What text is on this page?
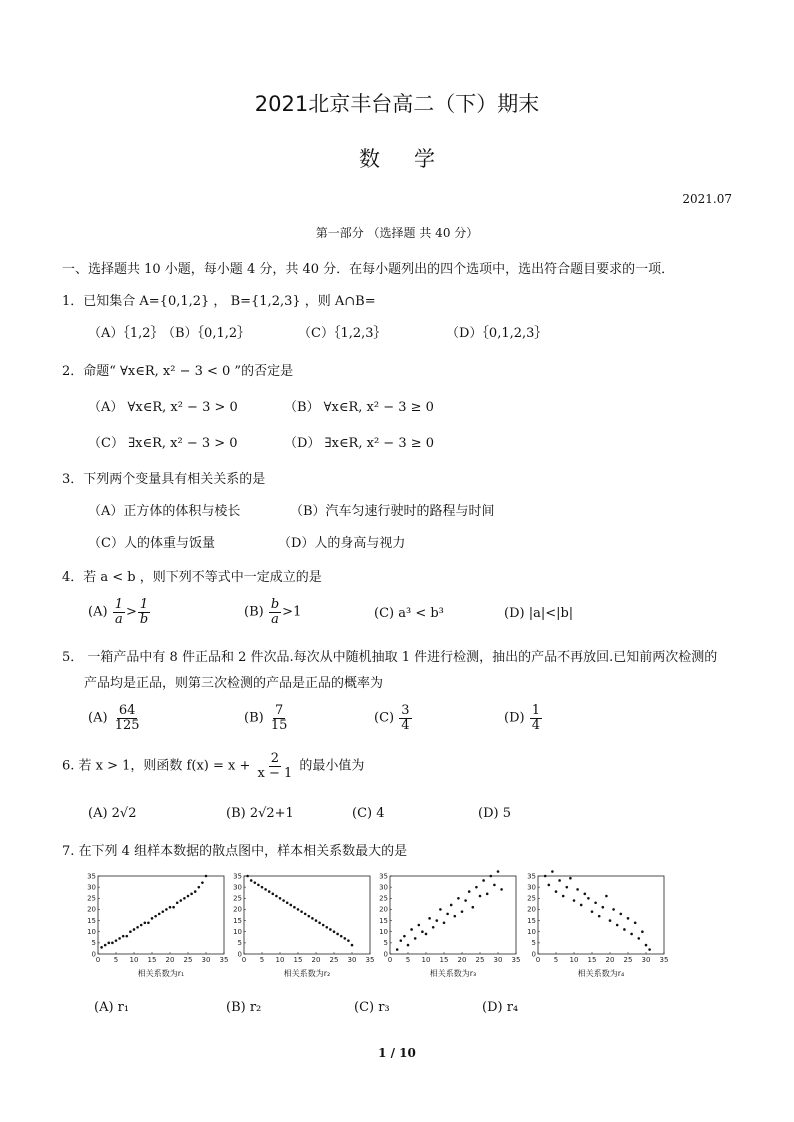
2021北京丰台高二（下）期末
数学
2021.07
第一部分 （选择题 共 40 分）
一、选择题共 10 小题，每小题 4 分，共 40 分．在每小题列出的四个选项中，选出符合题目要求的一项．
1．已知集合 A={0,1,2} ， B={1,2,3} ，则 A∩B=
（A）｛1,2｝
（B）｛0,1,2｝	（C）｛1,2,3｝	（D）｛0,1,2,3｝
2．命题“ ∀x∈R, x² − 3 < 0 ”的否定是
（A） ∀x∈R, x² − 3 > 0	（B） ∀x∈R, x² − 3 ≥ 0
（C） ∃x∈R, x² − 3 > 0	（D） ∃x∈R, x² − 3 ≥ 0
3．下列两个变量具有相关关系的是
（A）正方体的体积与棱长	（B）汽车匀速行驶时的路程与时间
（C）人的体重与饭量	（D）人的身高与视力
4．若 a < b ，则下列不等式中一定成立的是
$(A) \frac{1}{a} > \frac{1}{b}$	$(B) \frac{b}{a} >1$	(C) a³ < b³	(D) |a|<|b|
5． 一箱产品中有 8 件正品和 2 件次品.每次从中随机抽取 1 件进行检测，抽出的产品不再放回.已知前两次检测的
产品均是正品，则第三次检测的产品是正品的概率为
$(A) \frac{64}{125}$	$(B) \frac{7}{15}$	$(C) \frac{3}{4}$	$(D) \frac{1}{4}$
6. 若 x > 1，则函数 $f(x) = x + \frac{2}{x - 1}$ 的最小值为
(A) 2√2	(B) 2√2+1	(C) 4	(D) 5
7. 在下列 4 组样本数据的散点图中，样本相关系数最大的是
0 5 10 15 20 25 30 35
0
5
10
15
20
25
30
35
相关系数为r₁
0 5 10 15 20 25 30 35
0
5
10
15
20
25
30
35
相关系数为r₂
0 5 10 15 20 25 30 35
0
5
10
15
20
25
30
35
相关系数为r₃
0 5 10 15 20 25 30 35
0
5
10
15
20
25
30
35
相关系数为r₄
(A) r₁	(B) r₂	(C) r₃	(D) r₄
1 / 10
